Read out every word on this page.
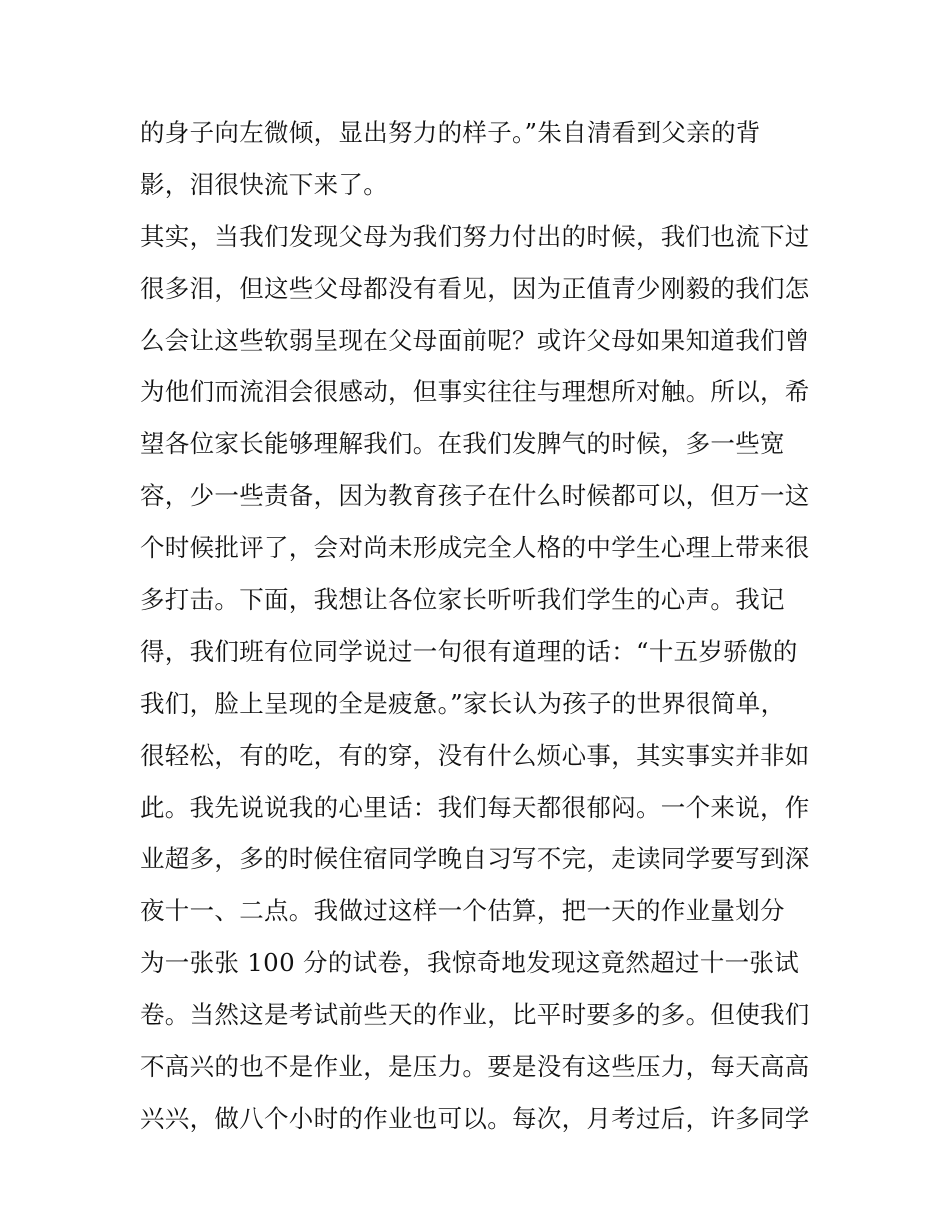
的身子向左微倾，显出努力的样子。”朱自清看到父亲的背
影，泪很快流下来了。
其实，当我们发现父母为我们努力付出的时候，我们也流下过
很多泪，但这些父母都没有看见，因为正值青少刚毅的我们怎
么会让这些软弱呈现在父母面前呢？或许父母如果知道我们曾
为他们而流泪会很感动，但事实往往与理想所对触。所以，希
望各位家长能够理解我们。在我们发脾气的时候，多一些宽
容，少一些责备，因为教育孩子在什么时候都可以，但万一这
个时候批评了，会对尚未形成完全人格的中学生心理上带来很
多打击。下面，我想让各位家长听听我们学生的心声。我记
得，我们班有位同学说过一句很有道理的话：“十五岁骄傲的
我们，脸上呈现的全是疲惫。”家长认为孩子的世界很简单，
很轻松，有的吃，有的穿，没有什么烦心事，其实事实并非如
此。我先说说我的心里话：我们每天都很郁闷。一个来说，作
业超多，多的时候住宿同学晚自习写不完，走读同学要写到深
夜十一、二点。我做过这样一个估算，把一天的作业量划分
为一张张 100 分的试卷，我惊奇地发现这竟然超过十一张试
卷。当然这是考试前些天的作业，比平时要多的多。但使我们
不高兴的也不是作业，是压力。要是没有这些压力，每天高高
兴兴，做八个小时的作业也可以。每次，月考过后，许多同学
